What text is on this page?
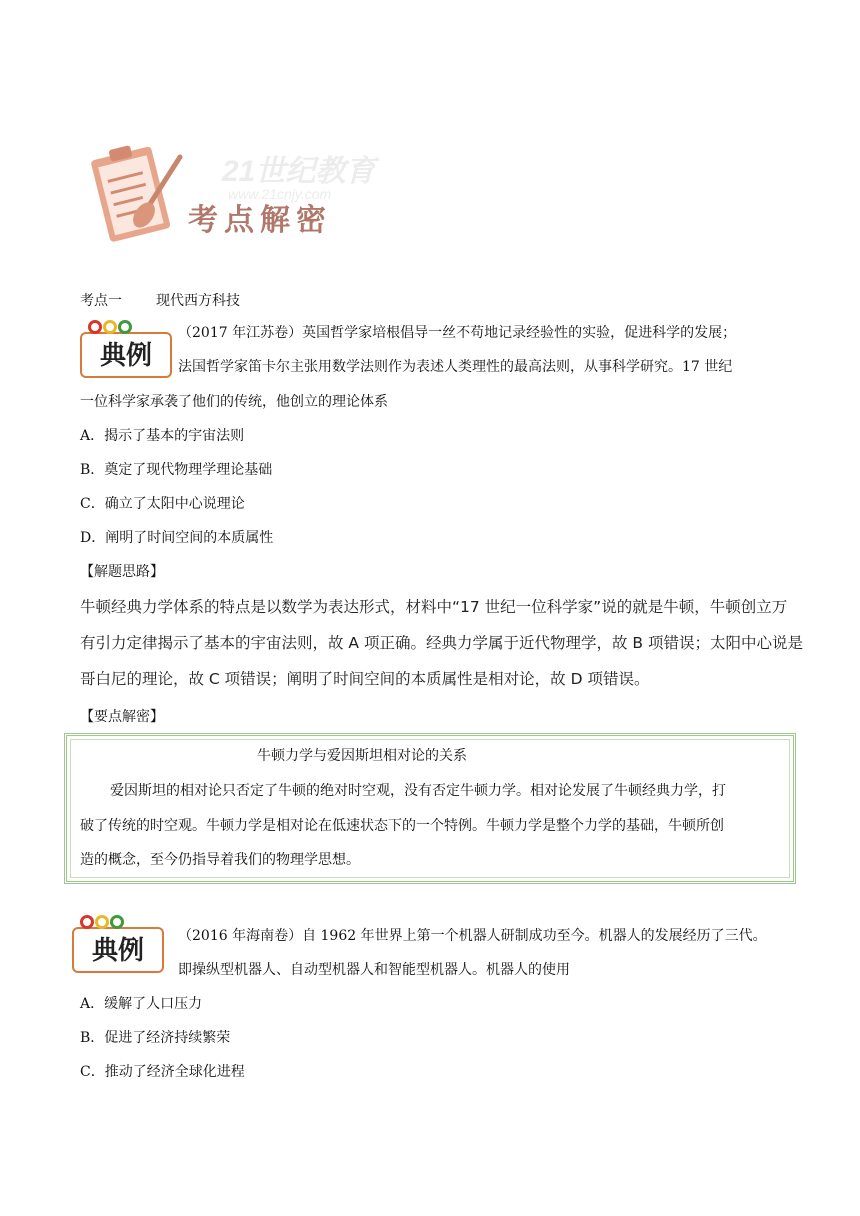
21世纪教育
www.21cnjy.com
考点解密
考点一 现代西方科技
典例
（2017 年江苏卷）英国哲学家培根倡导一丝不苟地记录经验性的实验，促进科学的发展；
法国哲学家笛卡尔主张用数学法则作为表述人类理性的最高法则，从事科学研究。17 世纪
一位科学家承袭了他们的传统，他创立的理论体系
A．揭示了基本的宇宙法则
B．奠定了现代物理学理论基础
C．确立了太阳中心说理论
D．阐明了时间空间的本质属性
【解题思路】
牛顿经典力学体系的特点是以数学为表达形式，材料中“17 世纪一位科学家”说的就是牛顿，牛顿创立万
有引力定律揭示了基本的宇宙法则，故 A 项正确。经典力学属于近代物理学，故 B 项错误；太阳中心说是
哥白尼的理论，故 C 项错误；阐明了时间空间的本质属性是相对论，故 D 项错误。
【要点解密】
牛顿力学与爱因斯坦相对论的关系
爱因斯坦的相对论只否定了牛顿的绝对时空观，没有否定牛顿力学。相对论发展了牛顿经典力学，打
破了传统的时空观。牛顿力学是相对论在低速状态下的一个特例。牛顿力学是整个力学的基础，牛顿所创
造的概念，至今仍指导着我们的物理学思想。
典例	（2016 年海南卷）自 1962 年世界上第一个机器人研制成功至今。机器人的发展经历了三代。
即操纵型机器人、自动型机器人和智能型机器人。机器人的使用
A．缓解了人口压力
B．促进了经济持续繁荣
C．推动了经济全球化进程
